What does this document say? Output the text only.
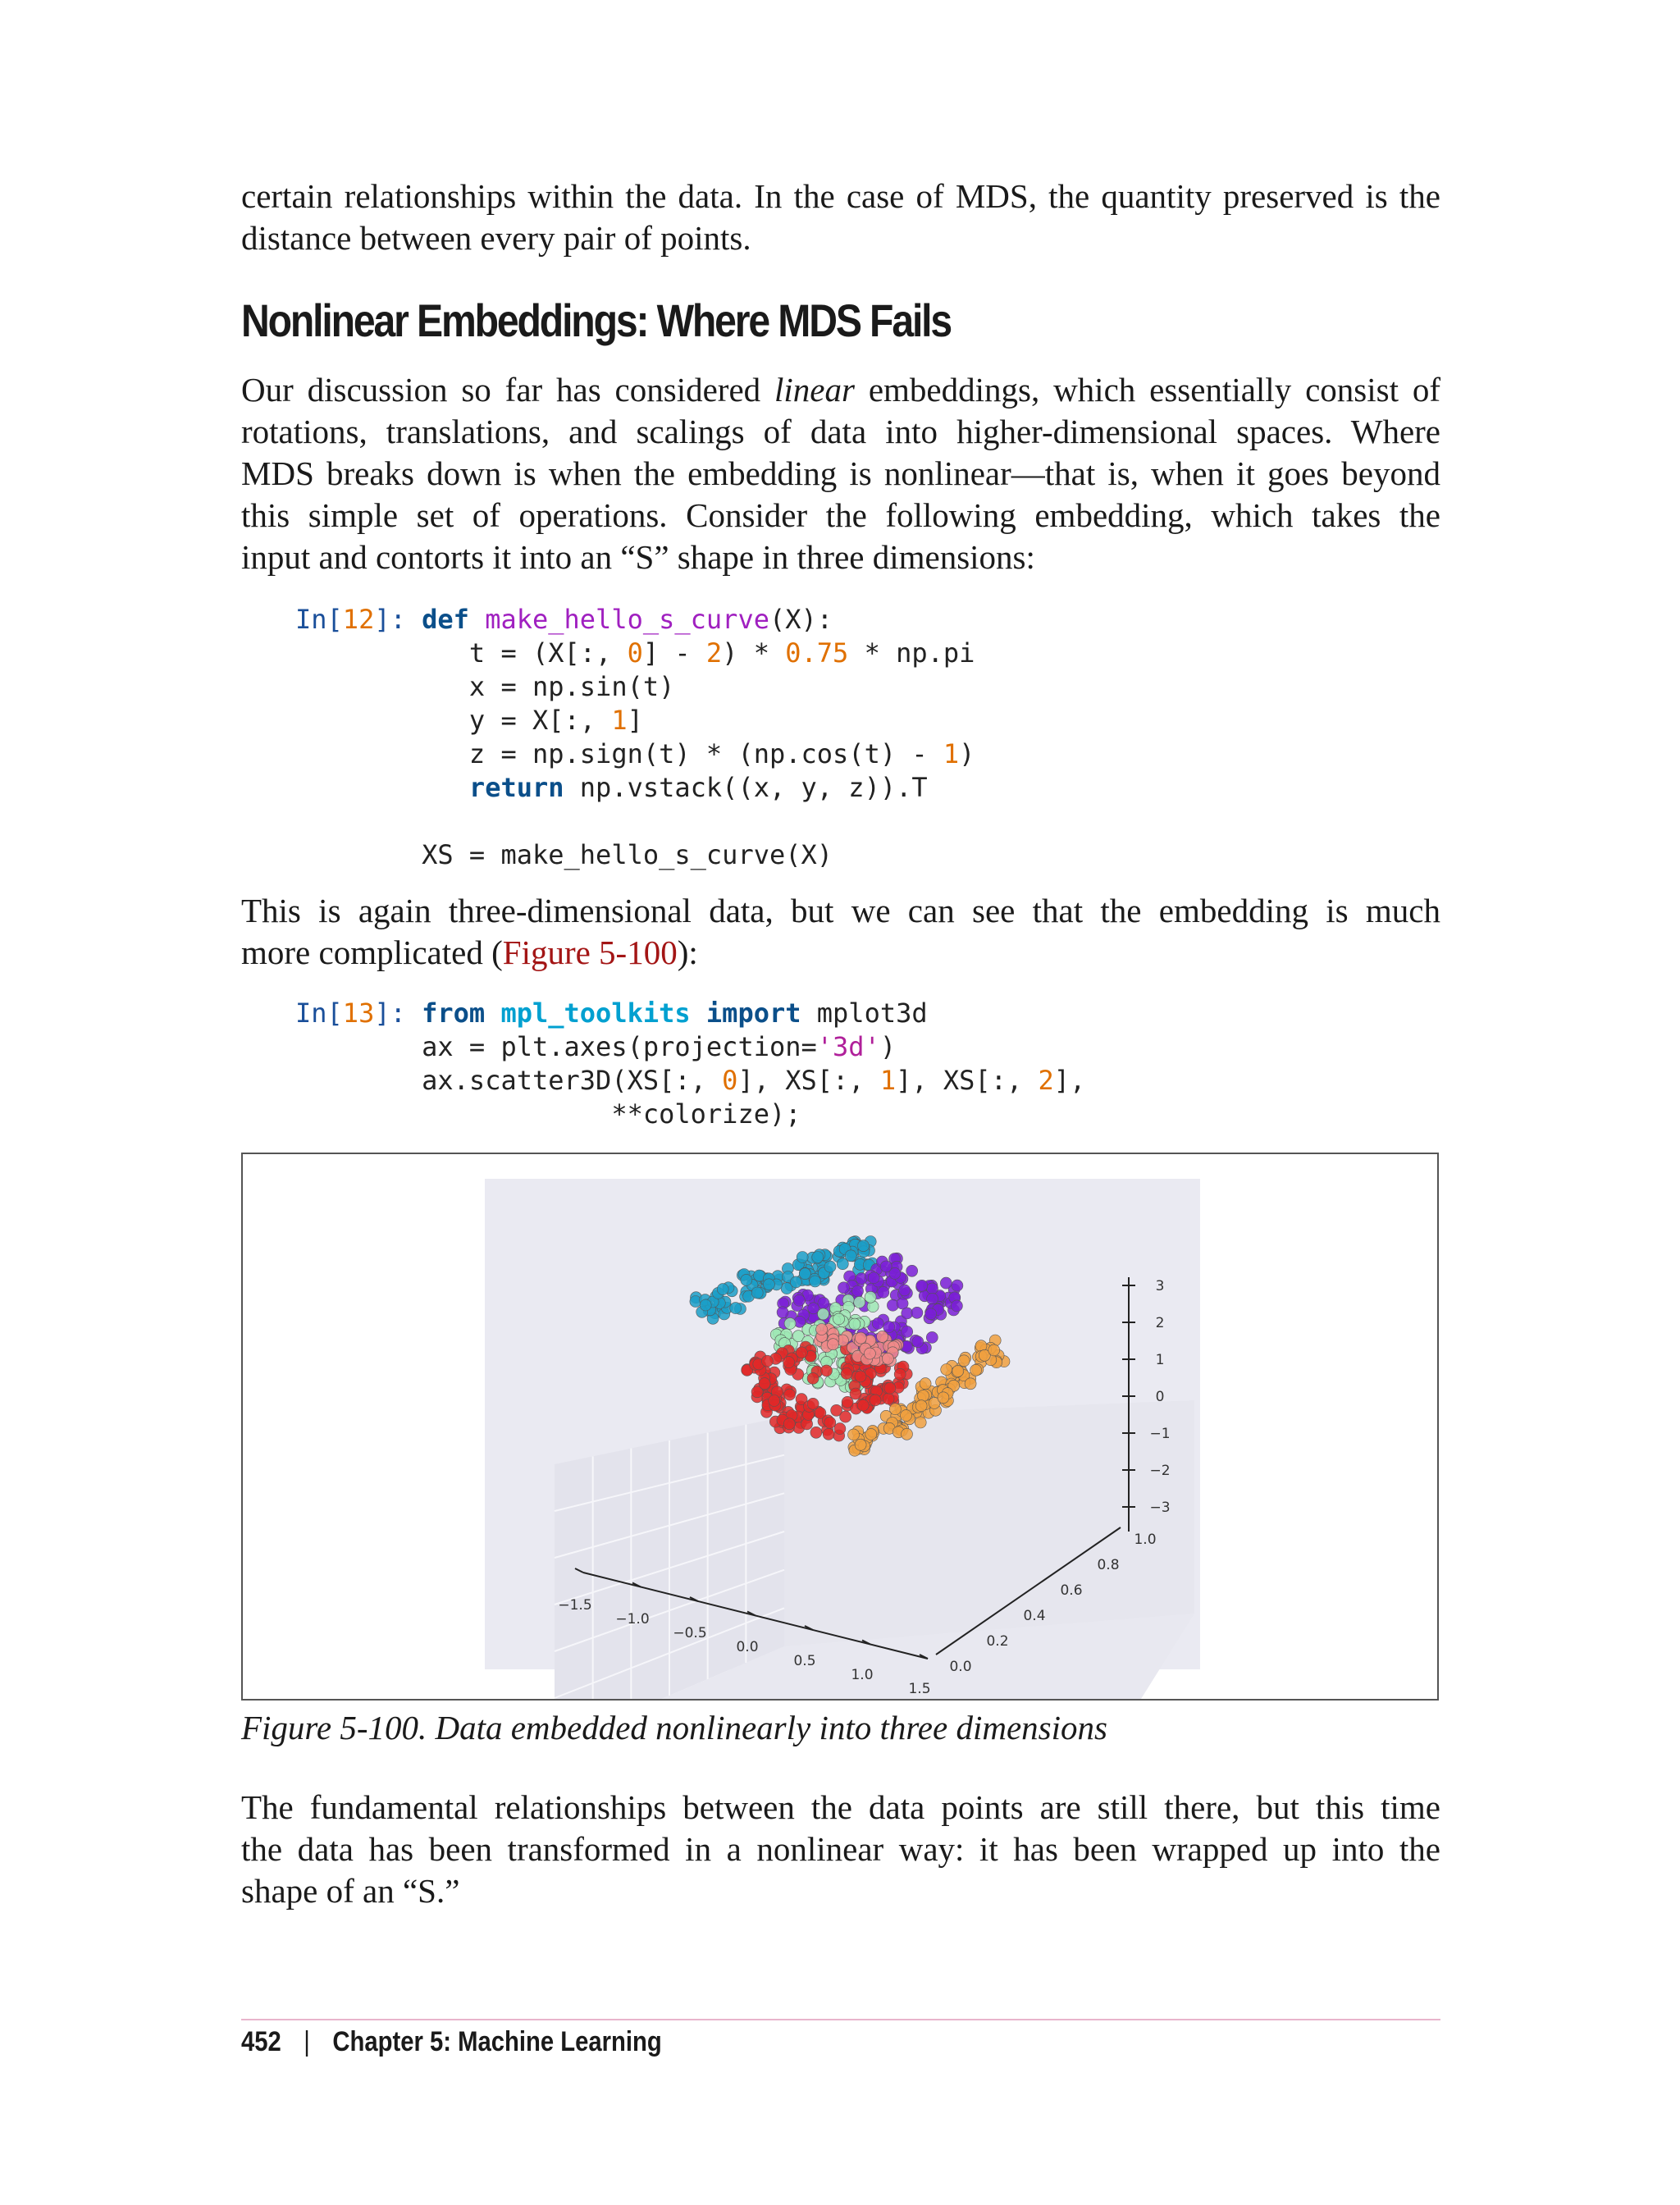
certain relationships within the data. In the case of MDS, the quantity preserved is the
distance between every pair of points.

Nonlinear Embeddings: Where MDS Fails

Our discussion so far has considered linear embeddings, which essentially consist of
rotations, translations, and scalings of data into higher-dimensional spaces. Where
MDS breaks down is when the embedding is nonlinear—that is, when it goes beyond
this simple set of operations. Consider the following embedding, which takes the
input and contorts it into an “S” shape in three dimensions:

In[12]: def make_hello_s_curve(X):
t = (X[:, 0] - 2) * 0.75 * np.pi
x = np.sin(t)
y = X[:, 1]
z = np.sign(t) * (np.cos(t) - 1)
return np.vstack((x, y, z)).T

XS = make_hello_s_curve(X)

This is again three-dimensional data, but we can see that the embedding is much
more complicated (Figure 5-100):

In[13]: from mpl_toolkits import mplot3d
ax = plt.axes(projection='3d')
ax.scatter3D(XS[:, 0], XS[:, 1], XS[:, 2],
**colorize);
−1.5
−1.0
−0.5
0.0
0.5
1.0
1.5
0.0
0.2
0.4
0.6
0.8
1.0
3
2
1
0
−1
−2
−3

Figure 5-100. Data embedded nonlinearly into three dimensions

The fundamental relationships between the data points are still there, but this time
the data has been transformed in a nonlinear way: it has been wrapped up into the
shape of an “S.”

452 | Chapter 5: Machine Learning
